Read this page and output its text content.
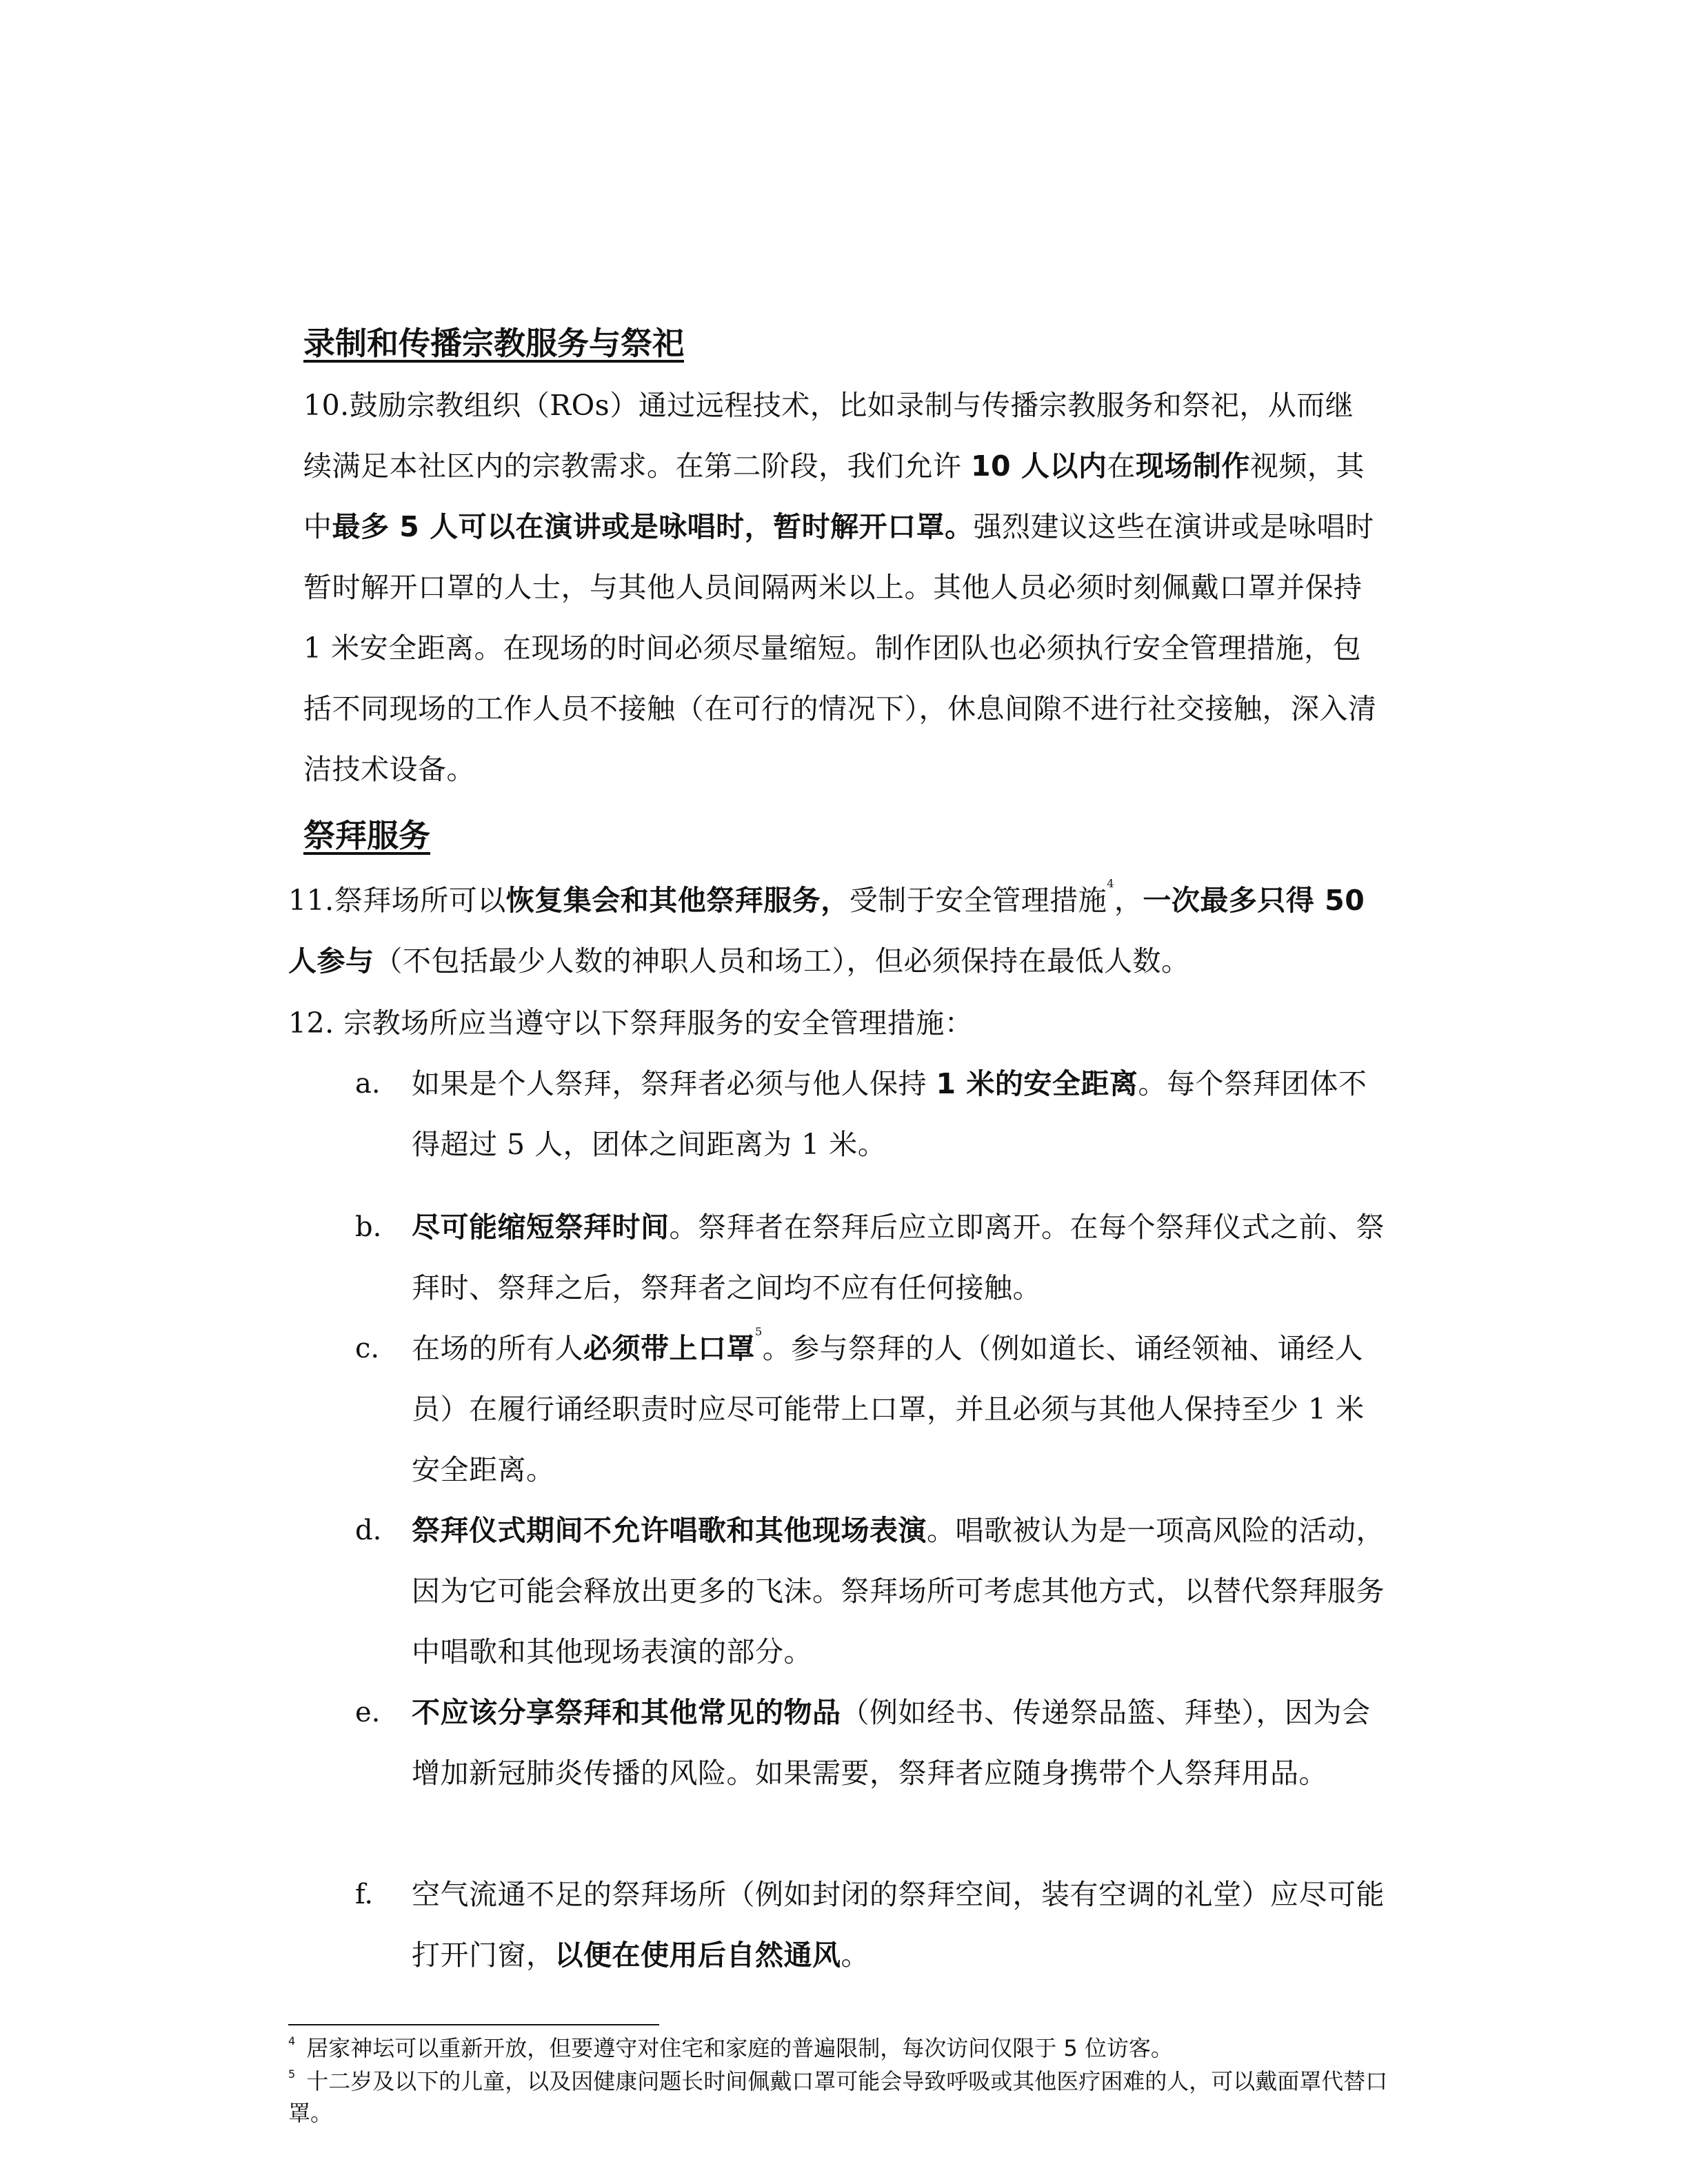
录制和传播宗教服务与祭祀

10.鼓励宗教组织（ROs）通过远程技术，比如录制与传播宗教服务和祭祀，从而继续满足本社区内的宗教需求。在第二阶段，我们允许 10 人以内在现场制作视频，其中最多 5 人可以在演讲或是咏唱时，暂时解开口罩。强烈建议这些在演讲或是咏唱时暂时解开口罩的人士，与其他人员间隔两米以上。其他人员必须时刻佩戴口罩并保持 1 米安全距离。在现场的时间必须尽量缩短。制作团队也必须执行安全管理措施，包括不同现场的工作人员不接触（在可行的情况下），休息间隙不进行社交接触，深入清洁技术设备。

祭拜服务

11.祭拜场所可以恢复集会和其他祭拜服务，受制于安全管理措施$^4$，一次最多只得 50 人参与（不包括最少人数的神职人员和场工），但必须保持在最低人数。

12. 宗教场所应当遵守以下祭拜服务的安全管理措施：

a.	如果是个人祭拜，祭拜者必须与他人保持 1 米的安全距离。每个祭拜团体不得超过 5 人，团体之间距离为 1 米。

b.	尽可能缩短祭拜时间。祭拜者在祭拜后应立即离开。在每个祭拜仪式之前、祭拜时、祭拜之后，祭拜者之间均不应有任何接触。

c.	在场的所有人必须带上口罩$^5$。参与祭拜的人（例如道长、诵经领袖、诵经人员）在履行诵经职责时应尽可能带上口罩，并且必须与其他人保持至少 1 米安全距离。

d.	祭拜仪式期间不允许唱歌和其他现场表演。唱歌被认为是一项高风险的活动，因为它可能会释放出更多的飞沫。祭拜场所可考虑其他方式，以替代祭拜服务中唱歌和其他现场表演的部分。

e.	不应该分享祭拜和其他常见的物品（例如经书、传递祭品篮、拜垫），因为会增加新冠肺炎传播的风险。如果需要，祭拜者应随身携带个人祭拜用品。

f.	空气流通不足的祭拜场所（例如封闭的祭拜空间，装有空调的礼堂）应尽可能打开门窗，以便在使用后自然通风。

$^4$ 居家神坛可以重新开放，但要遵守对住宅和家庭的普遍限制，每次访问仅限于 5 位访客。

$^5$ 十二岁及以下的儿童，以及因健康问题长时间佩戴口罩可能会导致呼吸或其他医疗困难的人，可以戴面罩代替口罩。
